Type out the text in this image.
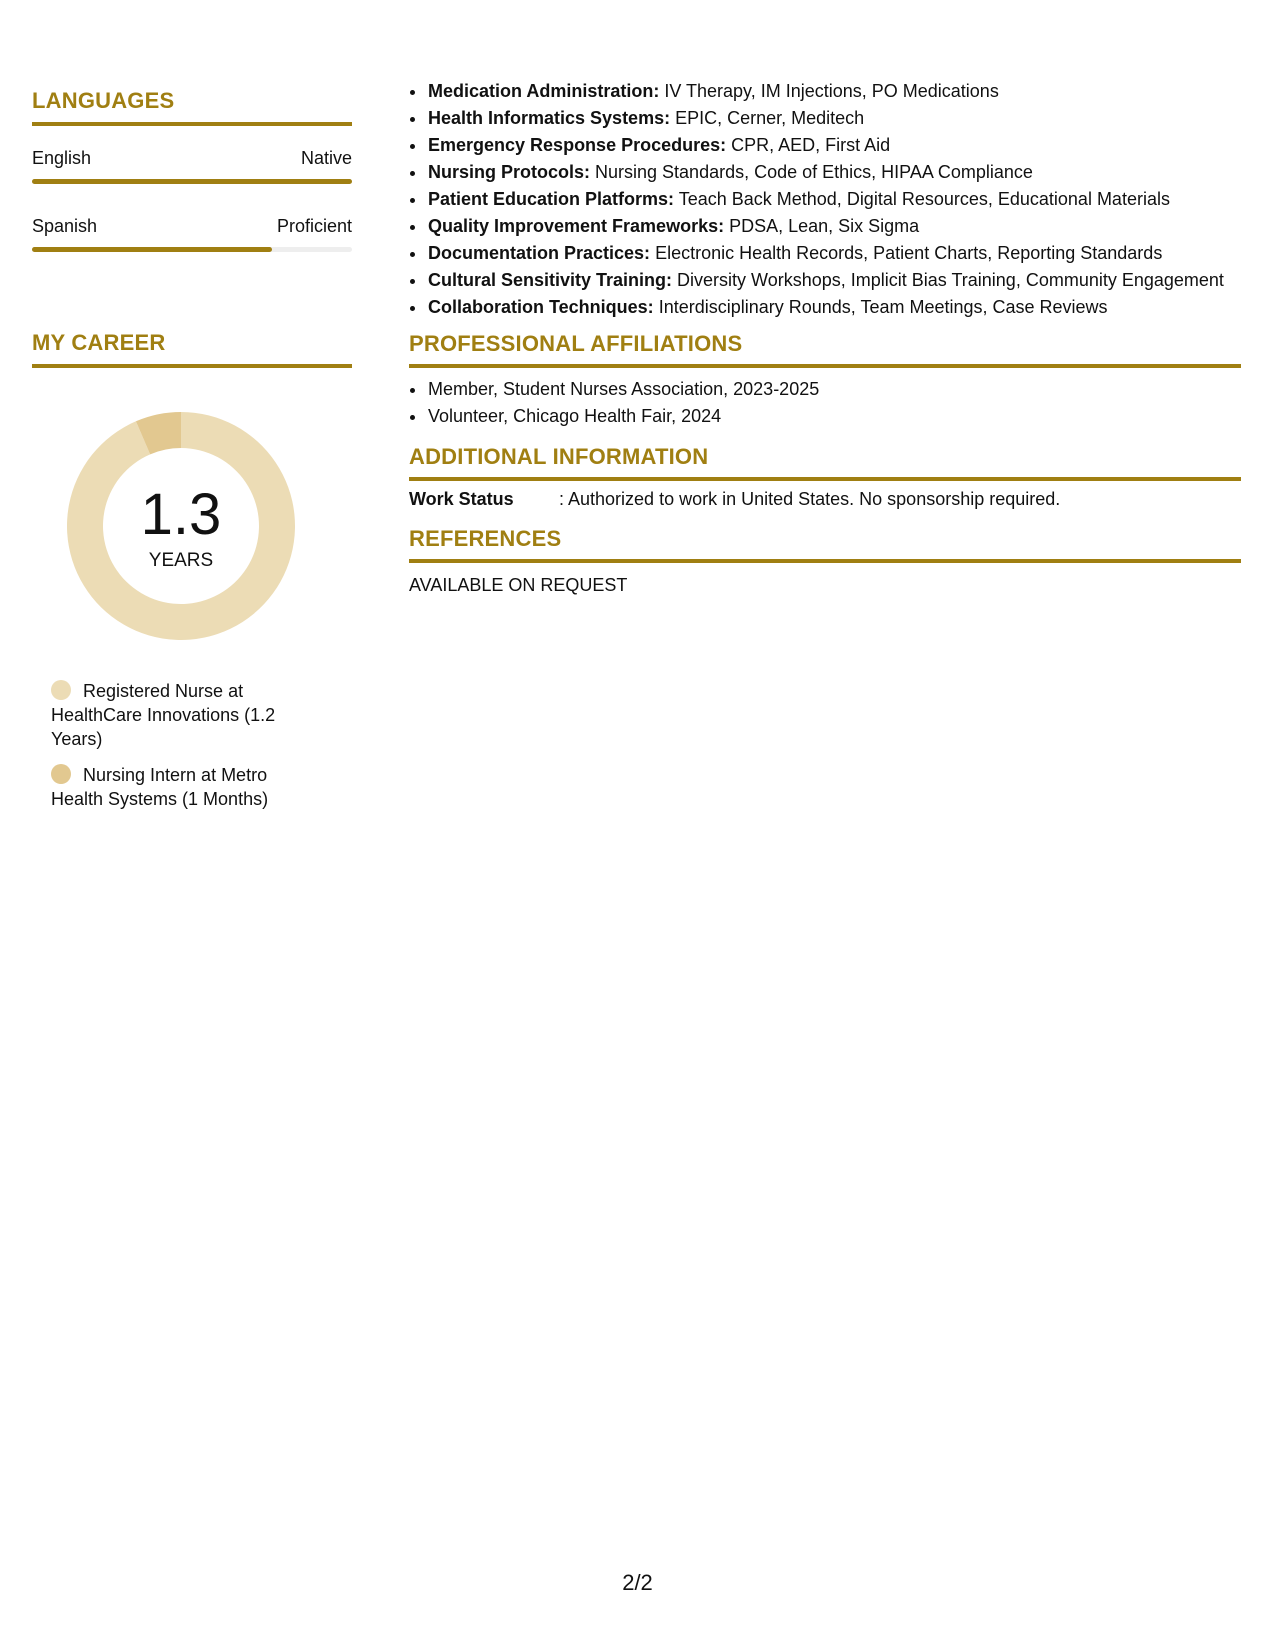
LANGUAGES
English	Native
Spanish	Proficient
MY CAREER
1.3
YEARS
Registered Nurse at HealthCare Innovations (1.2 Years)
Nursing Intern at Metro Health Systems (1 Months)
• Medication Administration: IV Therapy, IM Injections, PO Medications
• Health Informatics Systems: EPIC, Cerner, Meditech
• Emergency Response Procedures: CPR, AED, First Aid
• Nursing Protocols: Nursing Standards, Code of Ethics, HIPAA Compliance
• Patient Education Platforms: Teach Back Method, Digital Resources, Educational Materials
• Quality Improvement Frameworks: PDSA, Lean, Six Sigma
• Documentation Practices: Electronic Health Records, Patient Charts, Reporting Standards
• Cultural Sensitivity Training: Diversity Workshops, Implicit Bias Training, Community Engagement
• Collaboration Techniques: Interdisciplinary Rounds, Team Meetings, Case Reviews
PROFESSIONAL AFFILIATIONS
• Member, Student Nurses Association, 2023-2025
• Volunteer, Chicago Health Fair, 2024
ADDITIONAL INFORMATION
Work Status	: Authorized to work in United States. No sponsorship required.
REFERENCES
AVAILABLE ON REQUEST
2/2
